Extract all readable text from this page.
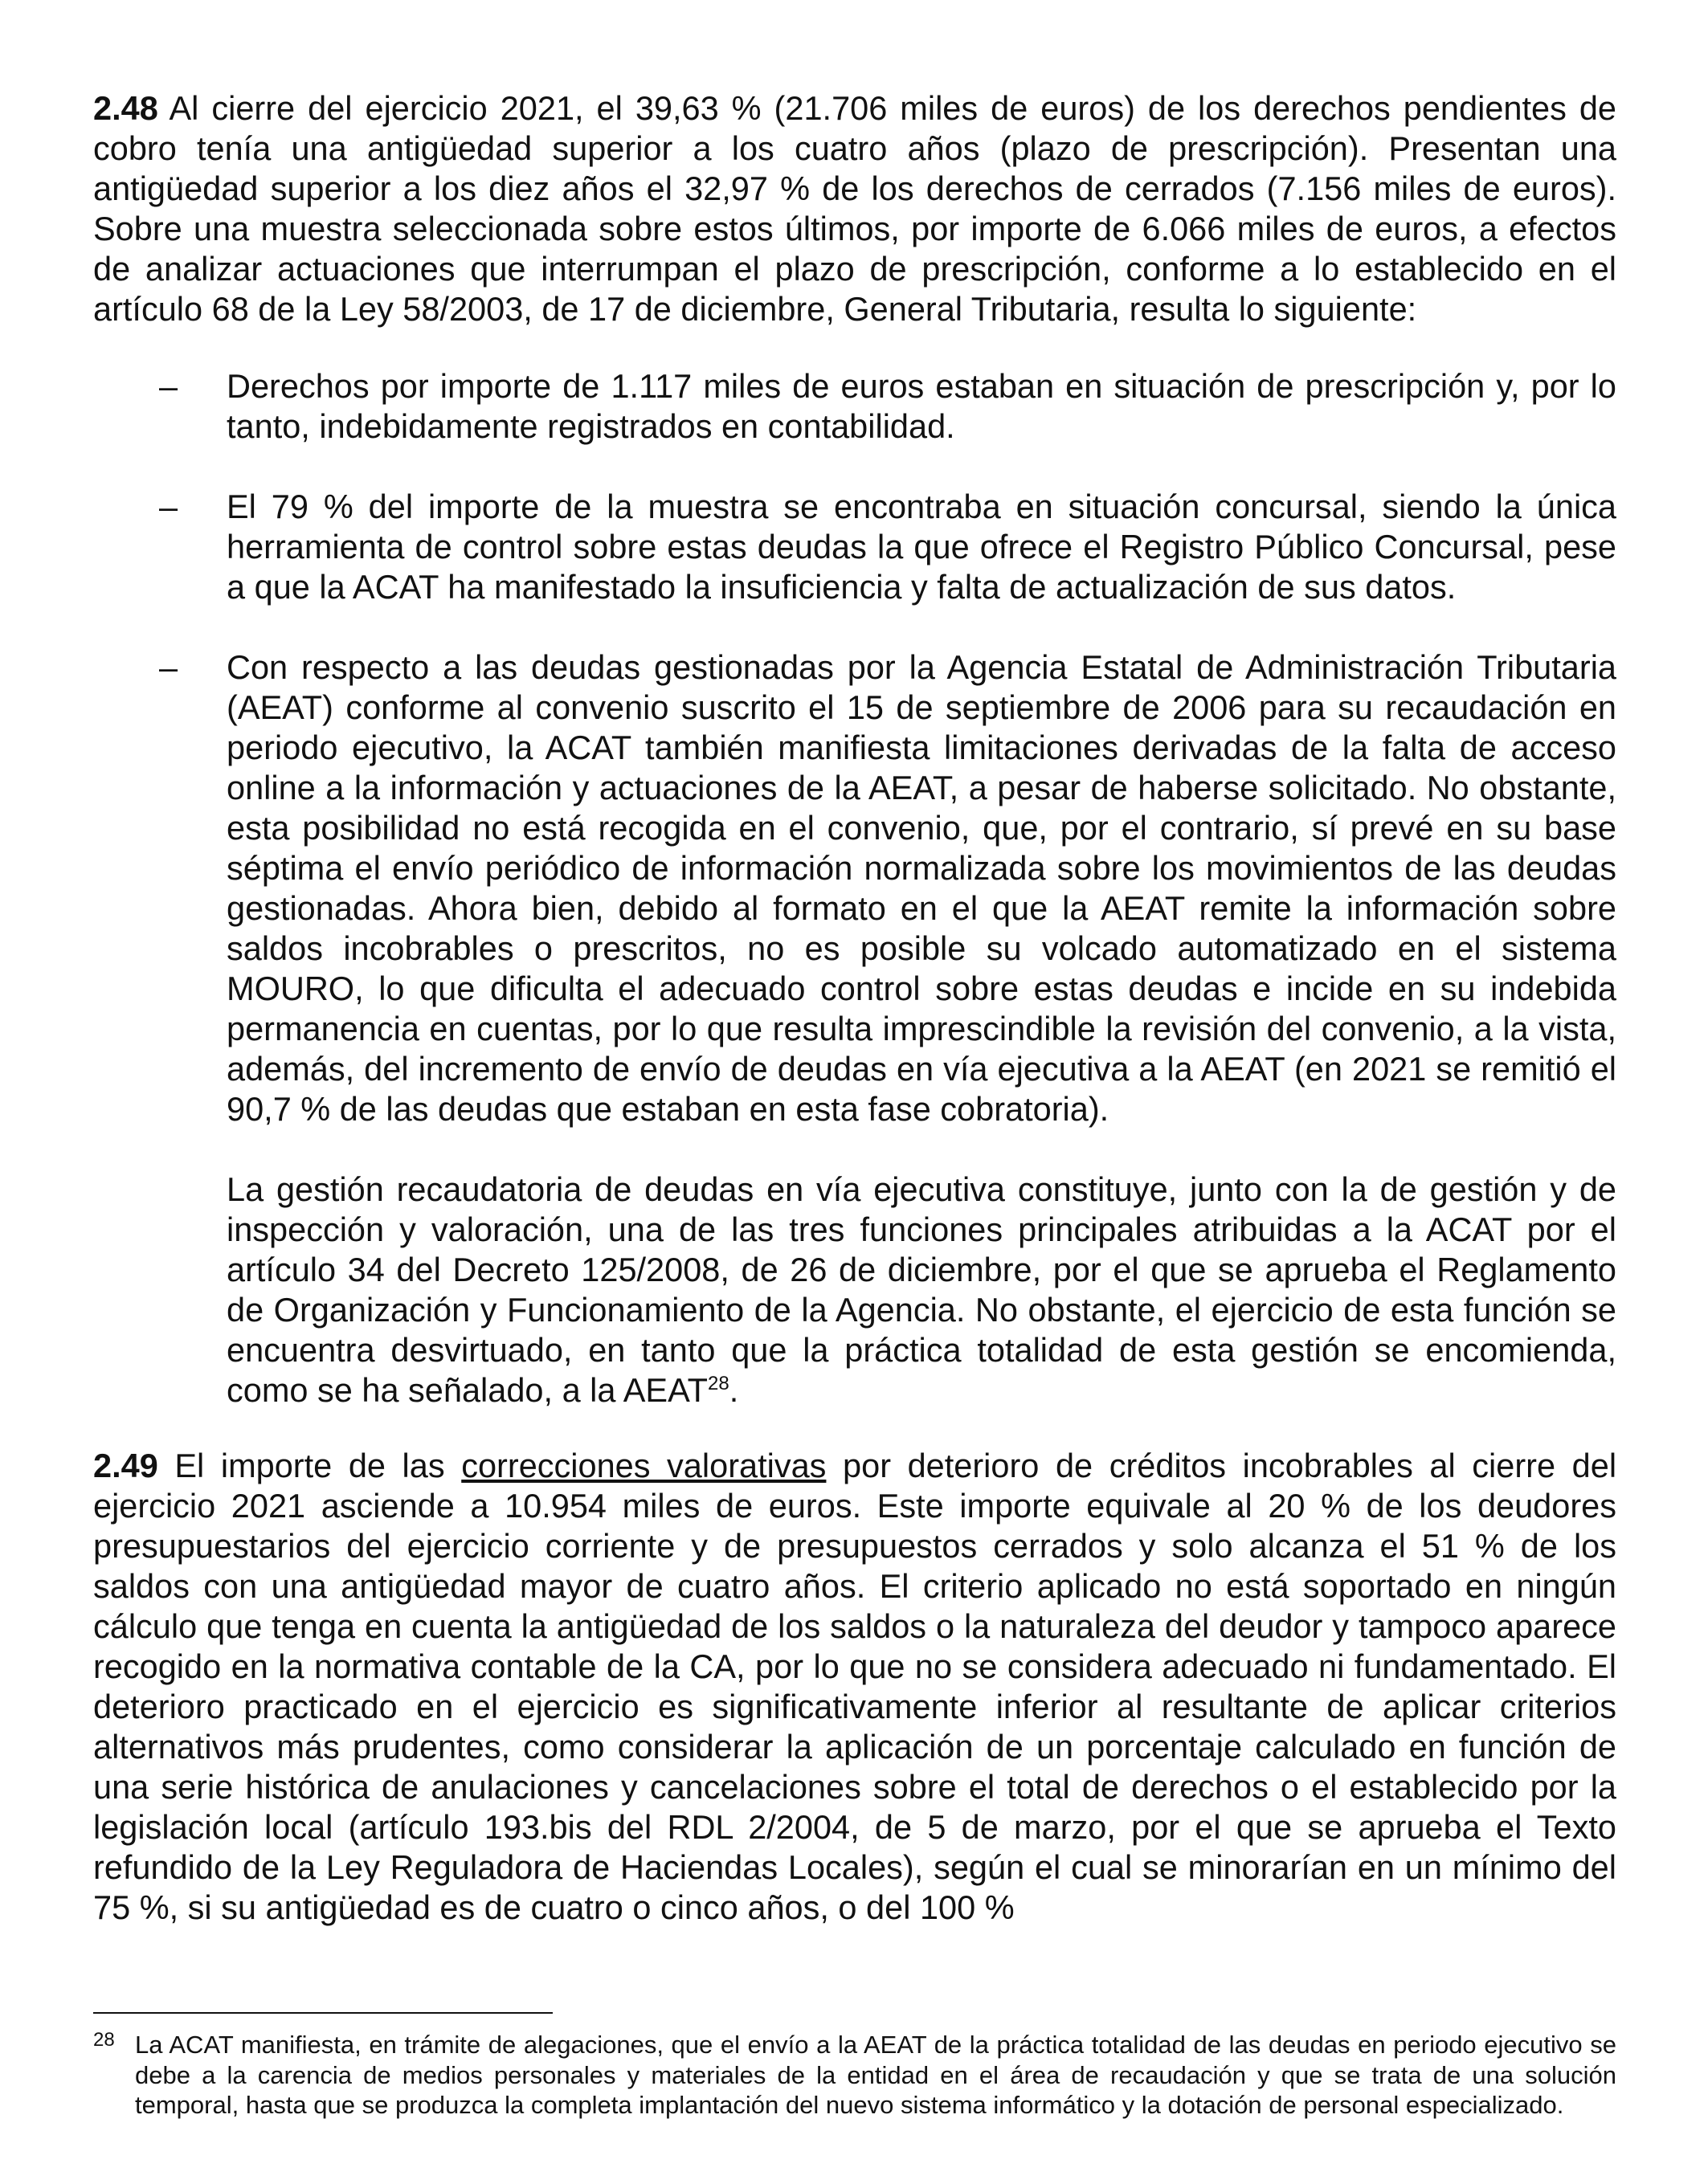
2.48 Al cierre del ejercicio 2021, el 39,63 % (21.706 miles de euros) de los derechos pendientes de cobro tenía una antigüedad superior a los cuatro años (plazo de prescripción). Presentan una antigüedad superior a los diez años el 32,97 % de los derechos de cerrados (7.156 miles de euros). Sobre una muestra seleccionada sobre estos últimos, por importe de 6.066 miles de euros, a efectos de analizar actuaciones que interrumpan el plazo de prescripción, conforme a lo establecido en el artículo 68 de la Ley 58/2003, de 17 de diciembre, General Tributaria, resulta lo siguiente:

– Derechos por importe de 1.117 miles de euros estaban en situación de prescripción y, por lo tanto, indebidamente registrados en contabilidad.
– El 79 % del importe de la muestra se encontraba en situación concursal, siendo la única herramienta de control sobre estas deudas la que ofrece el Registro Público Concursal, pese a que la ACAT ha manifestado la insuficiencia y falta de actualización de sus datos.
– Con respecto a las deudas gestionadas por la Agencia Estatal de Administración Tributaria (AEAT) conforme al convenio suscrito el 15 de septiembre de 2006 para su recaudación en periodo ejecutivo, la ACAT también manifiesta limitaciones derivadas de la falta de acceso online a la información y actuaciones de la AEAT, a pesar de haberse solicitado. No obstante, esta posibilidad no está recogida en el convenio, que, por el contrario, sí prevé en su base séptima el envío periódico de información normalizada sobre los movimientos de las deudas gestionadas. Ahora bien, debido al formato en el que la AEAT remite la información sobre saldos incobrables o prescritos, no es posible su volcado automatizado en el sistema MOURO, lo que dificulta el adecuado control sobre estas deudas e incide en su indebida permanencia en cuentas, por lo que resulta imprescindible la revisión del convenio, a la vista, además, del incremento de envío de deudas en vía ejecutiva a la AEAT (en 2021 se remitió el 90,7 % de las deudas que estaban en esta fase cobratoria).

La gestión recaudatoria de deudas en vía ejecutiva constituye, junto con la de gestión y de inspección y valoración, una de las tres funciones principales atribuidas a la ACAT por el artículo 34 del Decreto 125/2008, de 26 de diciembre, por el que se aprueba el Reglamento de Organización y Funcionamiento de la Agencia. No obstante, el ejercicio de esta función se encuentra desvirtuado, en tanto que la práctica totalidad de esta gestión se encomienda, como se ha señalado, a la AEAT$^{28}$.

2.49 El importe de las correcciones valorativas por deterioro de créditos incobrables al cierre del ejercicio 2021 asciende a 10.954 miles de euros. Este importe equivale al 20 % de los deudores presupuestarios del ejercicio corriente y de presupuestos cerrados y solo alcanza el 51 % de los saldos con una antigüedad mayor de cuatro años. El criterio aplicado no está soportado en ningún cálculo que tenga en cuenta la antigüedad de los saldos o la naturaleza del deudor y tampoco aparece recogido en la normativa contable de la CA, por lo que no se considera adecuado ni fundamentado. El deterioro practicado en el ejercicio es significativamente inferior al resultante de aplicar criterios alternativos más prudentes, como considerar la aplicación de un porcentaje calculado en función de una serie histórica de anulaciones y cancelaciones sobre el total de derechos o el establecido por la legislación local (artículo 193.bis del RDL 2/2004, de 5 de marzo, por el que se aprueba el Texto refundido de la Ley Reguladora de Haciendas Locales), según el cual se minorarían en un mínimo del 75 %, si su antigüedad es de cuatro o cinco años, o del 100 %

28 La ACAT manifiesta, en trámite de alegaciones, que el envío a la AEAT de la práctica totalidad de las deudas en periodo ejecutivo se debe a la carencia de medios personales y materiales de la entidad en el área de recaudación y que se trata de una solución temporal, hasta que se produzca la completa implantación del nuevo sistema informático y la dotación de personal especializado.
